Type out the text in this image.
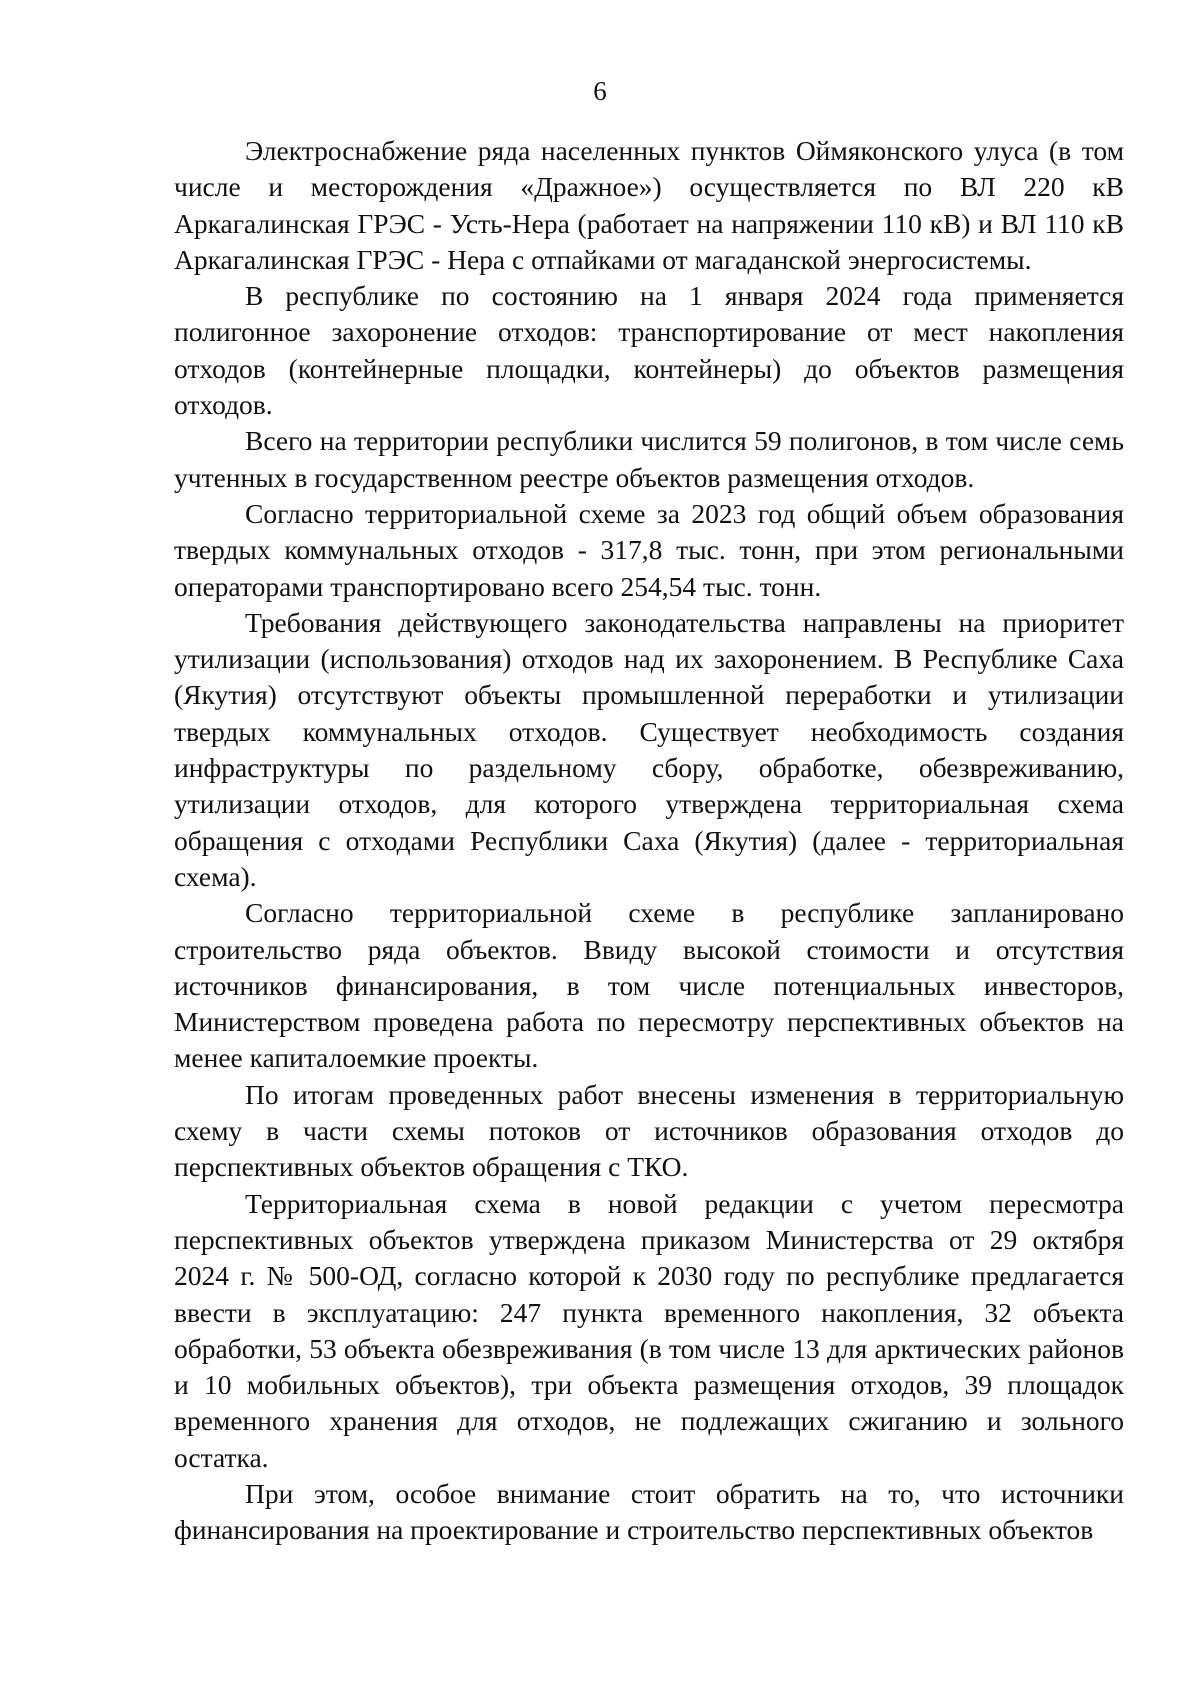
6

Электроснабжение ряда населенных пунктов Оймяконского улуса (в том числе и месторождения «Дражное») осуществляется по ВЛ 220 кВ Аркагалинская ГРЭС - Усть-Нера (работает на напряжении 110 кВ) и ВЛ 110 кВ Аркагалинская ГРЭС - Нера с отпайками от магаданской энергосистемы.

В республике по состоянию на 1 января 2024 года применяется полигонное захоронение отходов: транспортирование от мест накопления отходов (контейнерные площадки, контейнеры) до объектов размещения отходов.

Всего на территории республики числится 59 полигонов, в том числе семь учтенных в государственном реестре объектов размещения отходов.

Согласно территориальной схеме за 2023 год общий объем образования твердых коммунальных отходов - 317,8 тыс. тонн, при этом региональными операторами транспортировано всего 254,54 тыс. тонн.

Требования действующего законодательства направлены на приоритет утилизации (использования) отходов над их захоронением. В Республике Саха (Якутия) отсутствуют объекты промышленной переработки и утилизации твердых коммунальных отходов. Существует необходимость создания инфраструктуры по раздельному сбору, обработке, обезвреживанию, утилизации отходов, для которого утверждена территориальная схема обращения с отходами Республики Саха (Якутия) (далее - территориальная схема).

Согласно территориальной схеме в республике запланировано строительство ряда объектов. Ввиду высокой стоимости и отсутствия источников финансирования, в том числе потенциальных инвесторов, Министерством проведена работа по пересмотру перспективных объектов на менее капиталоемкие проекты.

По итогам проведенных работ внесены изменения в территориальную схему в части схемы потоков от источников образования отходов до перспективных объектов обращения с ТКО.

Территориальная схема в новой редакции с учетом пересмотра перспективных объектов утверждена приказом Министерства от 29 октября 2024 г. № 500-ОД, согласно которой к 2030 году по республике предлагается ввести в эксплуатацию: 247 пункта временного накопления, 32 объекта обработки, 53 объекта обезвреживания (в том числе 13 для арктических районов и 10 мобильных объектов), три объекта размещения отходов, 39 площадок временного хранения для отходов, не подлежащих сжиганию и зольного остатка.

При этом, особое внимание стоит обратить на то, что источники финансирования на проектирование и строительство перспективных объектов
